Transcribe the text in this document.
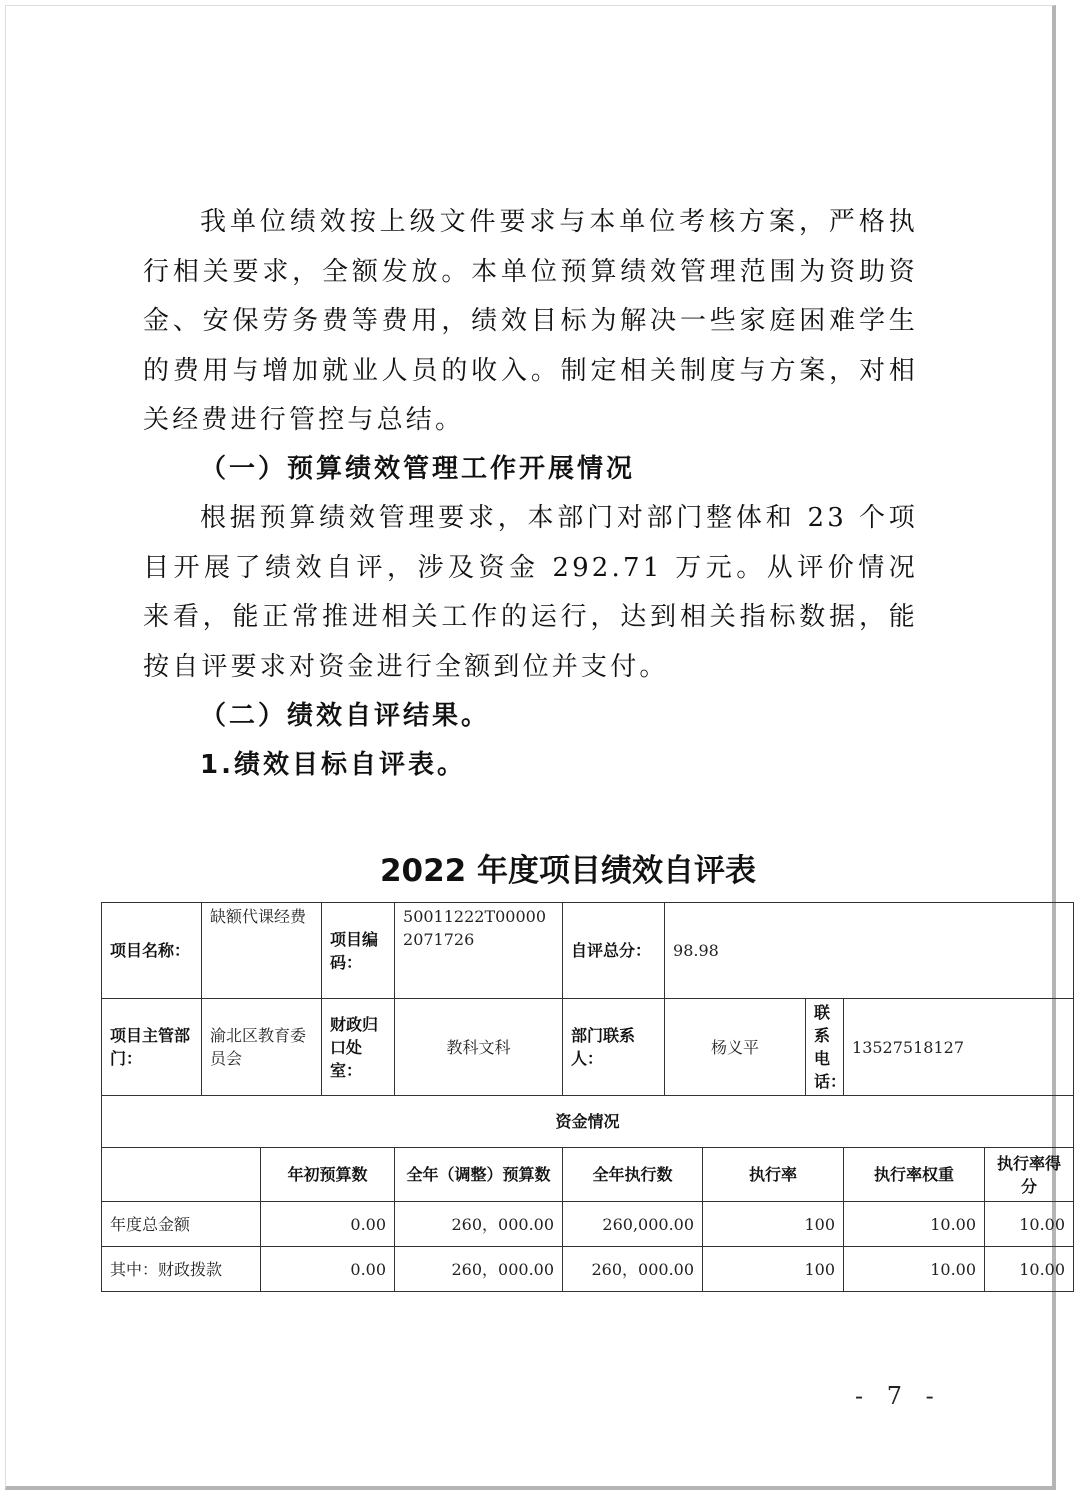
我单位绩效按上级文件要求与本单位考核方案，严格执行相关要求，全额发放。本单位预算绩效管理范围为资助资金、安保劳务费等费用，绩效目标为解决一些家庭困难学生的费用与增加就业人员的收入。制定相关制度与方案，对相关经费进行管控与总结。

（一）预算绩效管理工作开展情况

根据预算绩效管理要求，本部门对部门整体和 23 个项目开展了绩效自评，涉及资金 292.71 万元。从评价情况来看，能正常推进相关工作的运行，达到相关指标数据，能按自评要求对资金进行全额到位并支付。

（二）绩效自评结果。

1.绩效目标自评表。

2022 年度项目绩效自评表
项目名称：	缺额代课经费		项目编码：	50011222T000002071726	自评总分：	98.98				
项目主管部门：	渝北区教育委员会		财政归口处室：	教科文科	部门联系人：	杨义平		联系电话：	13527518127	
资金情况										
		年初预算数		全年（调整）预算数	全年执行数		执行率		执行率权重	执行率得分
年度总金额		0.00		260，000.00	260,000.00		100		10.00	10.00
其中：财政拨款		0.00		260，000.00	260，000.00		100		10.00	10.00
- 7 -
